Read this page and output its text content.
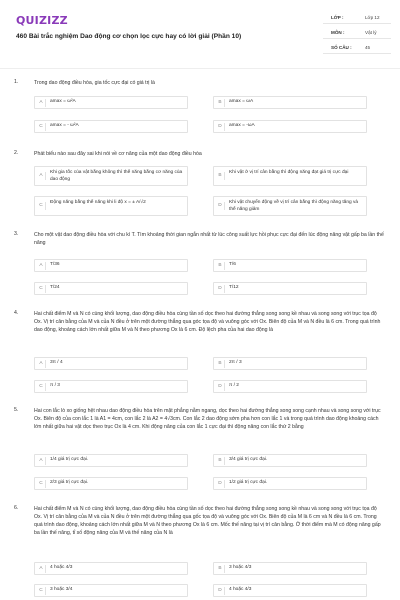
QUIZIZZ
460 Bài trắc nghiệm Dao động cơ chọn lọc cực hay có lời giải (Phần 10)
LỚP :	Lớp 12
MÔN :	Vật lý
SỐ CÂU :	45
1.	Trong dao động điều hòa, gia tốc cực đại có giá trị là
A	amax = ω²A	B	amax = ωA
C	amax = - ω²A	D	amax = -ωA
2.	Phát biểu nào sau đây sai khi nói về cơ năng của một dao động điều hòa
A
Khi gia tốc của vật bằng không thì thế năng bằng cơ năng của dao động
B
Khi vật ở vị trí cân bằng thì động năng đạt giá trị cực đại
C
Động năng bằng thế năng khi li độ x = ± A/√2
D
Khi vật chuyển động về vị trí cân bằng thì động năng tăng và thế năng giảm
3.	Cho một vật dao động điều hòa với chu kì T. Tìm khoảng thời gian ngắn nhất từ lúc công suất lực hồi phục cực đại đến lúc động năng vật gấp ba lần thế năng
A	T/36	B	T/6
C	T/24	D	T/12
4.	Hai chất điểm M và N có cùng khối lượng, dao động điều hòa cùng tần số dọc theo hai đường thẳng song song kề nhau và song song với trục tọa độ Ox. Vị trí cân bằng của M và của N đều ở trên một đường thẳng qua góc tọa độ và vuông góc với Ox. Biên độ của M và N đều là 6 cm. Trong quá trình dao động, khoảng cách lớn nhất giữa M và N theo phương Ox là 6 cm. Độ lệch pha của hai dao động là
A	3π / 4	B	2π / 3
C	π / 3	D	π / 2
5.	Hai con lắc lò xo giống hệt nhau dao động điều hòa trên mặt phẳng nằm ngang, dọc theo hai đường thẳng song song cạnh nhau và song song với trục Ox. Biên độ của con lắc 1 là A1 = 4cm, con lắc 2 là A2 = 4√3cm. Con lắc 2 dao động sớm pha hơn con lắc 1 và trong quá trình dao động khoảng cách lớn nhất giữa hai vật dọc theo trục Ox là 4 cm. Khi động năng của con lắc 1 cực đại thì động năng con lắc thứ 2 bằng
A	1/4 giá trị cực đại.	B	3/4 giá trị cực đại.
C	2/3 giá trị cực đại.	D	1/2 giá trị cực đại.
6.	Hai chất điểm M và N có cùng khối lượng, dao động điều hòa cùng tần số dọc theo hai đường thẳng song song kề nhau và song song với trục tọa độ Ox. Vị trí cân bằng của M và của N đều ở trên một đường thẳng qua gốc tọa độ và vuông góc với Ox. Biên độ của M là 6 cm và N đều là 6 cm. Trong quá trình dao động, khoảng cách lớn nhất giữa M và N theo phương Ox là 6 cm. Mốc thế năng tại vị trí cân bằng. Ở thời điểm mà M có động năng gấp ba lần thế năng, tỉ số động năng của M và thế năng của N là
A	4 hoặc 4/3	B	3 hoặc 4/3
C	3 hoặc 3/4	D	4 hoặc 4/3
